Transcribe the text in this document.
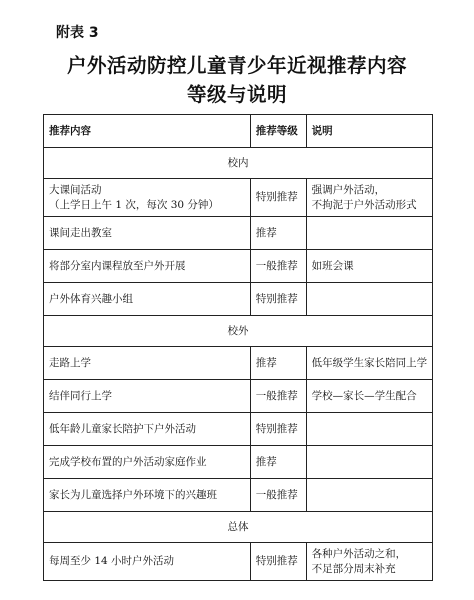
附表 3
户外活动防控儿童青少年近视推荐内容
等级与说明
推荐内容	推荐等级	说明
校内		

大课间活动
（上学日上午 1 次，每次 30 分钟）	特别推荐	强调户外活动，
不拘泥于户外活动形式

课间走出教室	推荐	

将部分室内课程放至户外开展	一般推荐	如班会课

户外体育兴趣小组	特别推荐	
校外		

走路上学	推荐	低年级学生家长陪同上学

结伴同行上学	一般推荐	学校—家长—学生配合

低年龄儿童家长陪护下户外活动	特别推荐	

完成学校布置的户外活动家庭作业	推荐	

家长为儿童选择户外环境下的兴趣班	一般推荐	
总体		

每周至少 14 小时户外活动	特别推荐	各种户外活动之和，
不足部分周末补充
